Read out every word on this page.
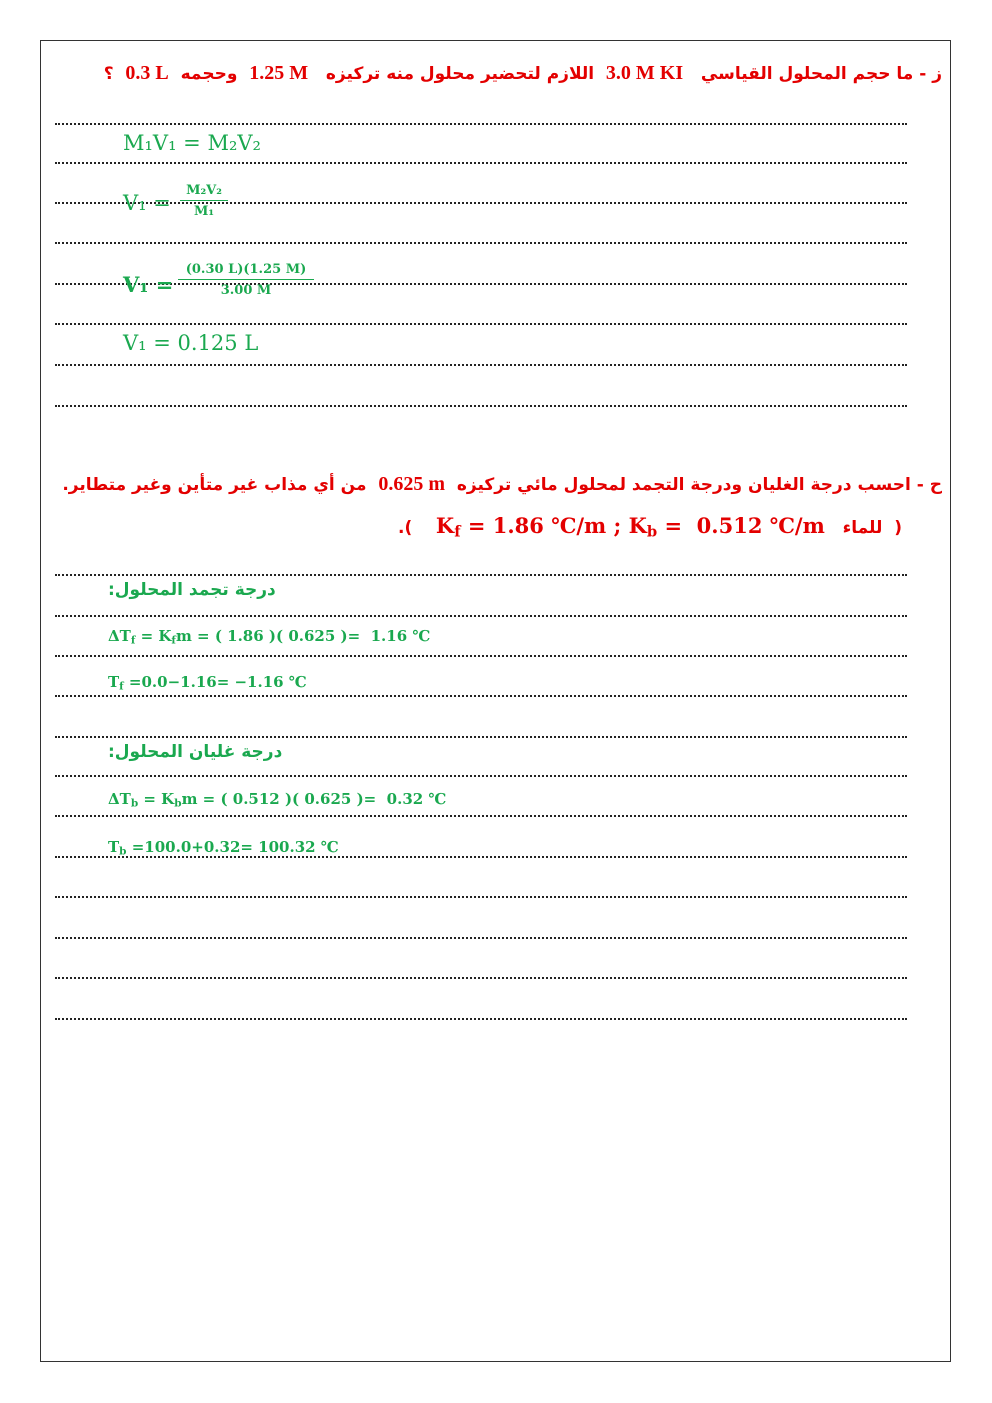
ز - ما حجم المحلول القياسي   3.0 M KI  اللازم لتحضير محلول منه تركيزه   1.25 M  وحجمه  0.3 L  ؟
M₁V₁ = M₂V₂
$V_1 = \frac{\text{M₂V₂}}{\text{M₁}}$
$V_1 = \frac{(0.30 L)(1.25 M)}{3.00 M}$
V₁ = 0.125 L
ح - احسب درجة الغليان ودرجة التجمد لمحلول مائي تركيزه  0.625 m  من أي مذاب غير متأين وغير متطاير.
(  للماء   $K_f = 1.86$ ℃/m ; $K_b = 0.512$ ℃/m    ).
درجة تجمد المحلول:
$\Delta T_f = K_fm$ = ( 1.86 )( 0.625 )=  1.16 ℃
$T_f =0.0-1.16= -1.16$ ℃
درجة غليان المحلول:
$\Delta T_b = K_bm$ = ( 0.512 )( 0.625 )=  0.32 ℃
$T_b =100.0+0.32= 100.32$ ℃
